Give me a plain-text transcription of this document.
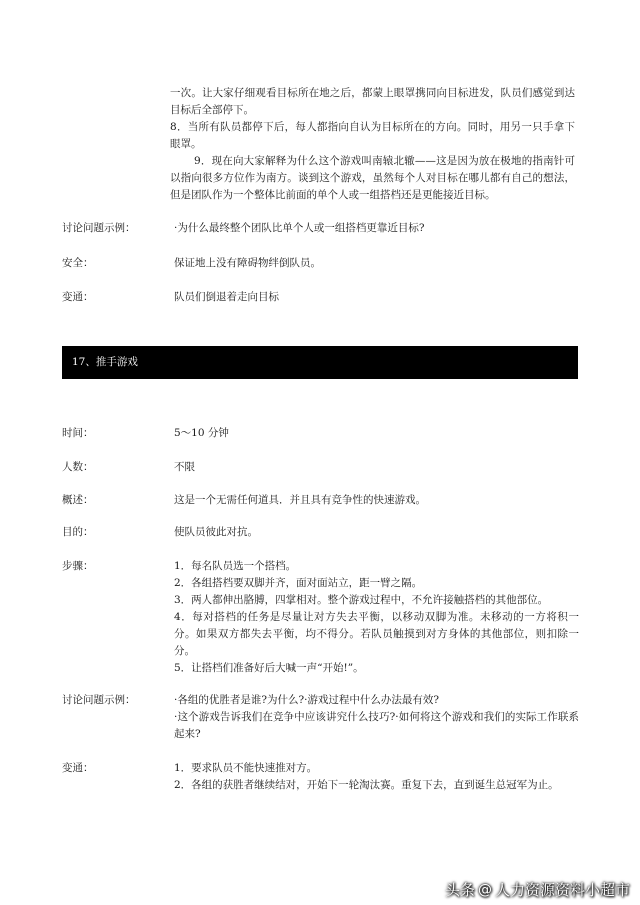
一次。让大家仔细观看目标所在地之后，都蒙上眼罩携同向目标进发，队员们感觉到达目标后全部停下。

8．当所有队员都停下后，每人都指向自认为目标所在的方向。同时，用另一只手拿下眼罩。

9．现在向大家解释为什么这个游戏叫南辕北辙——这是因为放在极地的指南针可以指向很多方位作为南方。谈到这个游戏，虽然每个人对目标在哪儿都有自己的想法，但是团队作为一个整体比前面的单个人或一组搭档还是更能接近目标。

讨论问题示例：	·为什么最终整个团队比单个人或一组搭档更靠近目标?
安全：	保证地上没有障碍物绊倒队员。
变通：	队员们倒退着走向目标
17、推手游戏
时间：	5～10 分钟
人数：	不限
概述：	这是一个无需任何道具．并且具有竞争性的快速游戏。
目的：	使队员彼此对抗。
步骤：	1．每名队员选一个搭档。

2．各组搭档要双脚并齐，面对面站立，距一臂之隔。

3．两人都伸出胳膊，四掌相对。整个游戏过程中，不允许接触搭档的其他部位。

4．每对搭档的任务是尽量让对方失去平衡，以移动双脚为准。未移动的一方将积一分。如果双方都失去平衡，均不得分。若队员触摸到对方身体的其他部位，则扣除一分。

5．让搭档们准备好后大喊一声“开始!”。

讨论问题示例：	·各组的优胜者是谁?为什么?·游戏过程中什么办法最有效?

·这个游戏告诉我们在竞争中应该讲究什么技巧?·如何将这个游戏和我们的实际工作联系起来?

变通：	1．要求队员不能快速推对方。

2．各组的获胜者继续结对，开始下一轮淘汰赛。重复下去，直到诞生总冠军为止。

头条 @ 人力资源资料小超市
